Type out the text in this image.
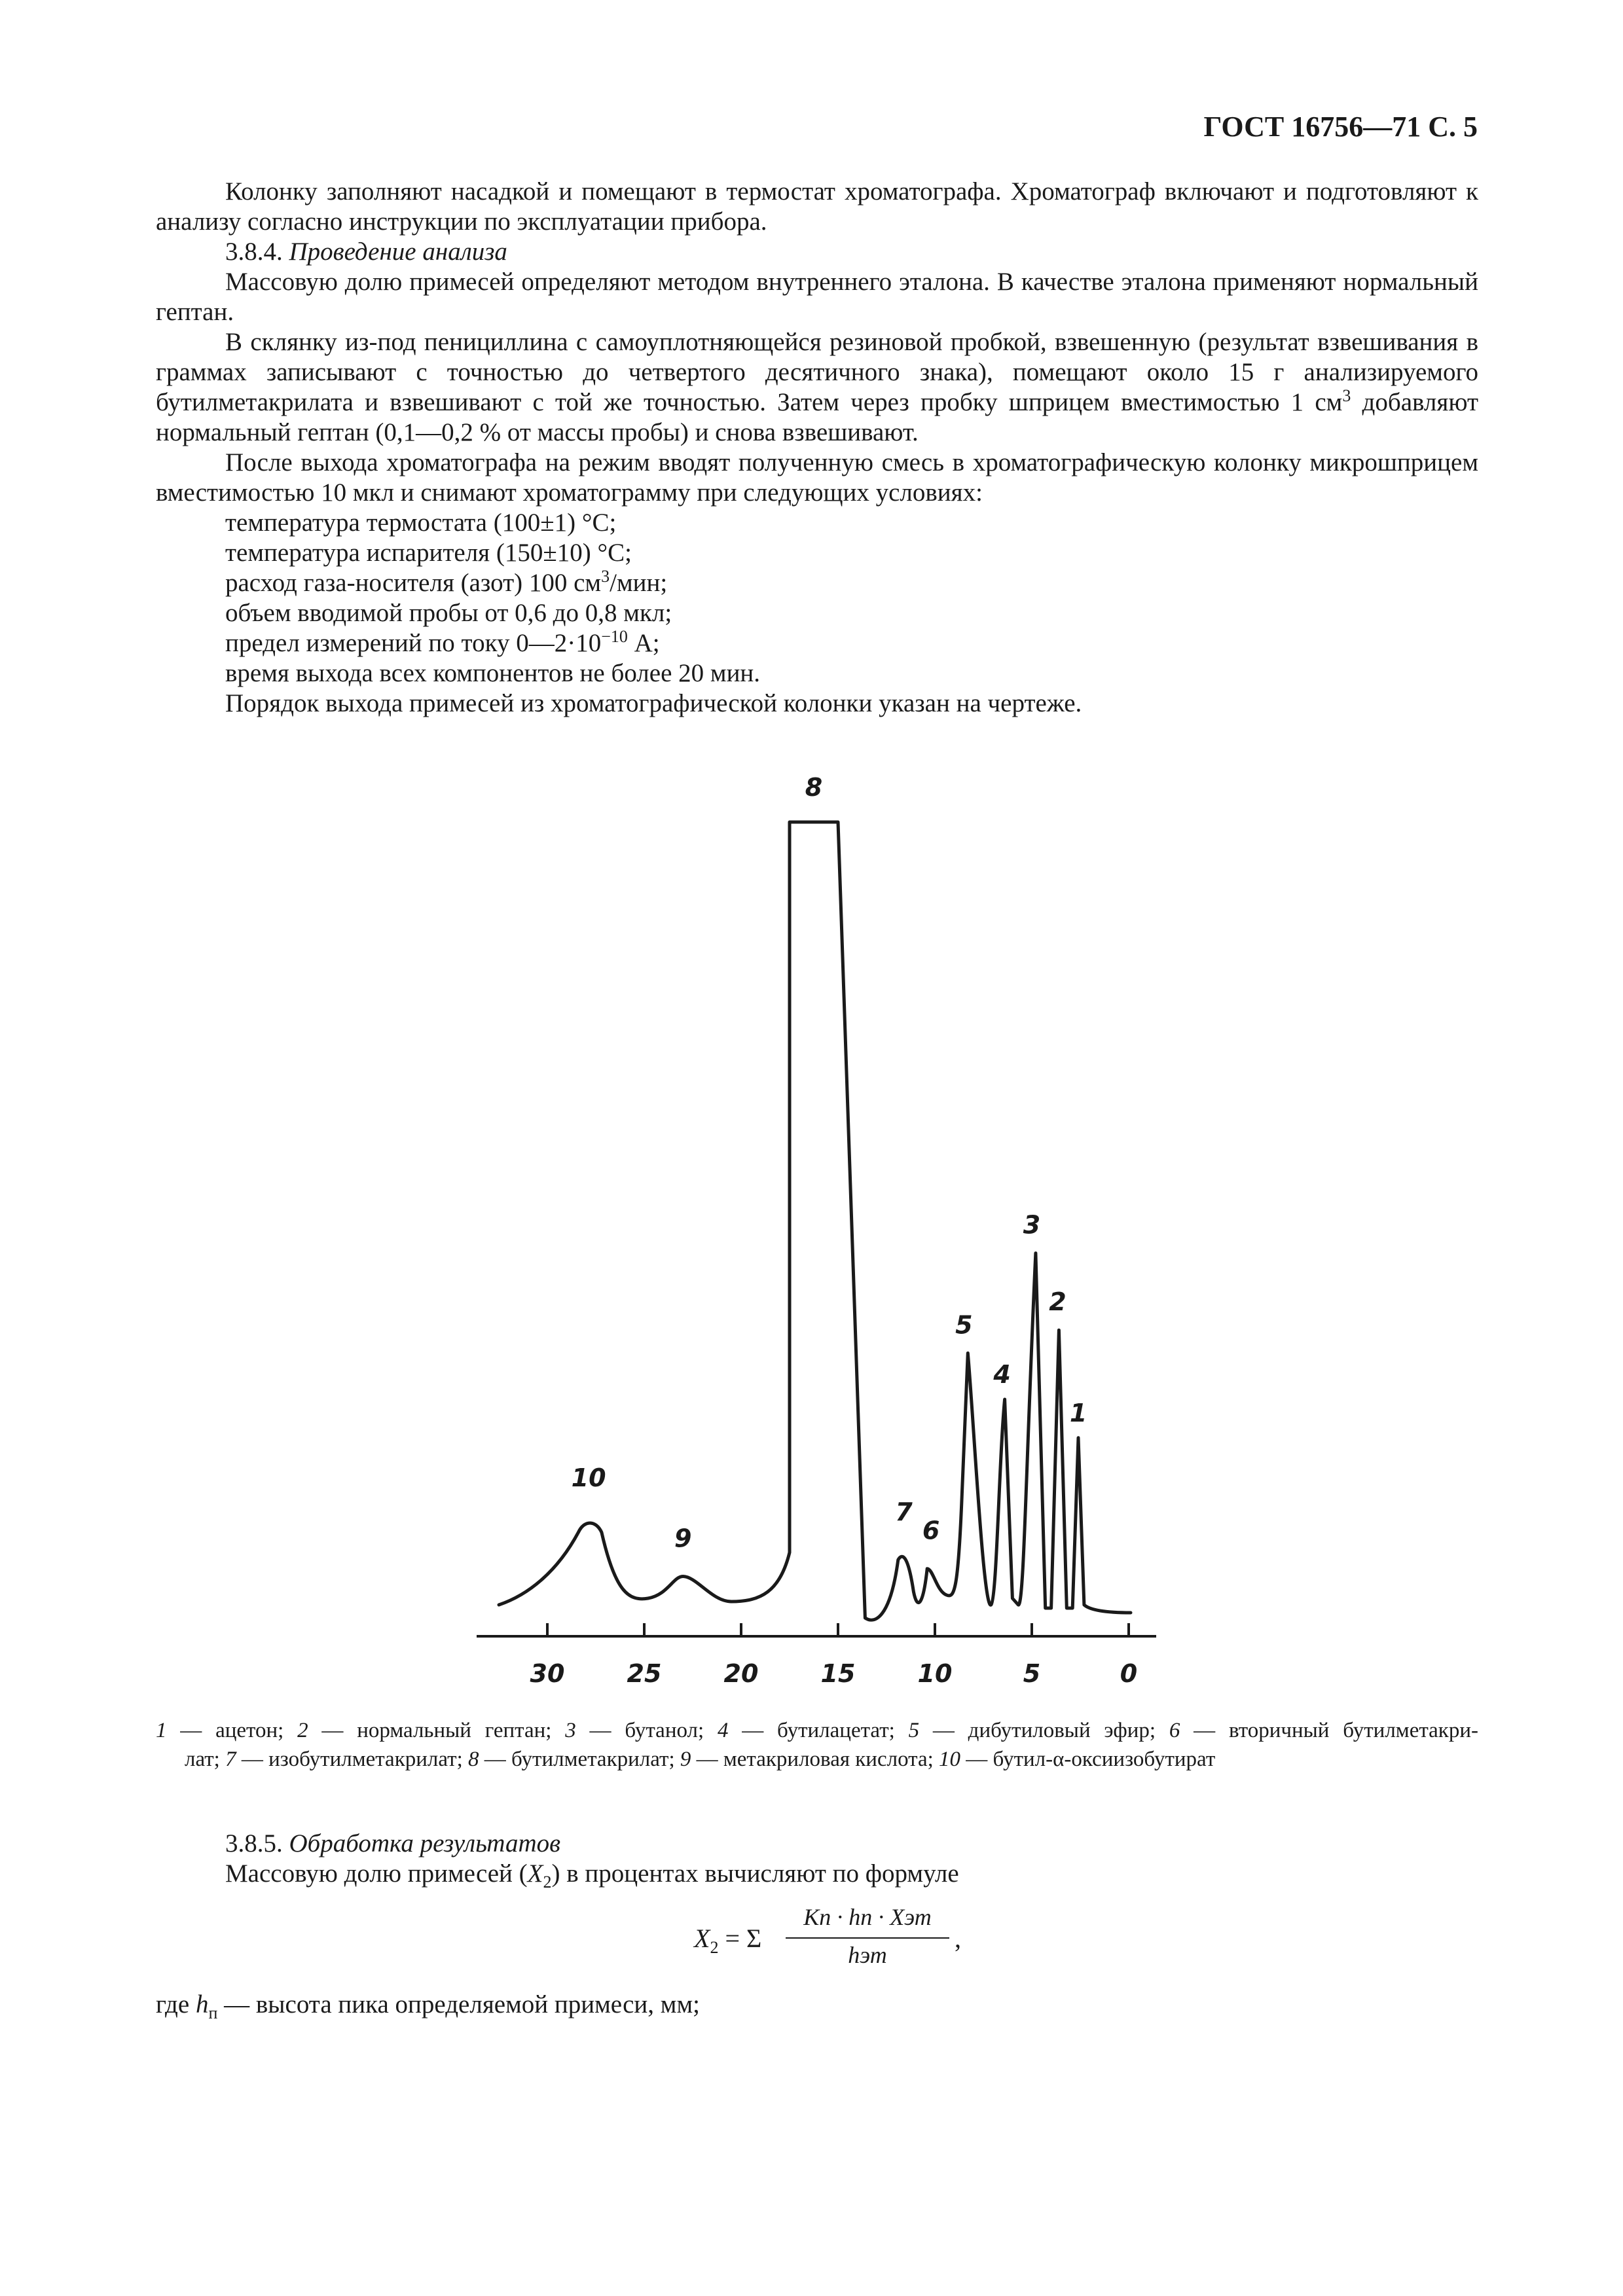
ГОСТ 16756—71 С. 5

Колонку заполняют насадкой и помещают в термостат хроматографа. Хроматограф включают и подготовляют к анализу согласно инструкции по эксплуатации прибора.

3.8.4. Проведение анализа

Массовую долю примесей определяют методом внутреннего эталона. В качестве эталона применяют нормальный гептан.

В склянку из-под пенициллина с самоуплотняющейся резиновой пробкой, взвешенную (результат взвешивания в граммах записывают с точностью до четвертого десятичного знака), помещают около 15 г анализируемого бутилметакрилата и взвешивают с той же точностью. Затем через пробку шприцем вместимостью 1 $см^3$ добавляют нормальный гептан (0,1—0,2 % от массы пробы) и снова взвешивают.

После выхода хроматографа на режим вводят полученную смесь в хроматографическую колонку микрошприцем вместимостью 10 мкл и снимают хроматограмму при следующих условиях:

температура термостата (100±1) °С;

температура испарителя (150±10) °С;

расход газа-носителя (азот) 100 $см^3$/мин;

объем вводимой пробы от 0,6 до 0,8 мкл;

предел измерений по току $0—2\cdot 10^{-10}$ А;

время выхода всех компонентов не более 20 мин.

Порядок выхода примесей из хроматографической колонки указан на чертеже.

30	25	20	15	10	5	0
10
9
8
7
6
5
4
3
2
1

1 — ацетон; 2 — нормальный гептан; 3 — бутанол; 4 — бутилацетат; 5 — дибутиловый эфир; 6 — вторичный бутилметакри-

лат; 7 — изобутилметакрилат; 8 — бутилметакрилат; 9 — метакриловая кислота; 10 — бутил-α-оксиизобутират

3.8.5. Обработка результатов

Массовую долю примесей $(X_2)$ в процентах вычисляют по формуле

$X_2 = \Sigma$
Kп · hп · Xэт
hэт
,

где $h_п$ — высота пика определяемой примеси, мм;
